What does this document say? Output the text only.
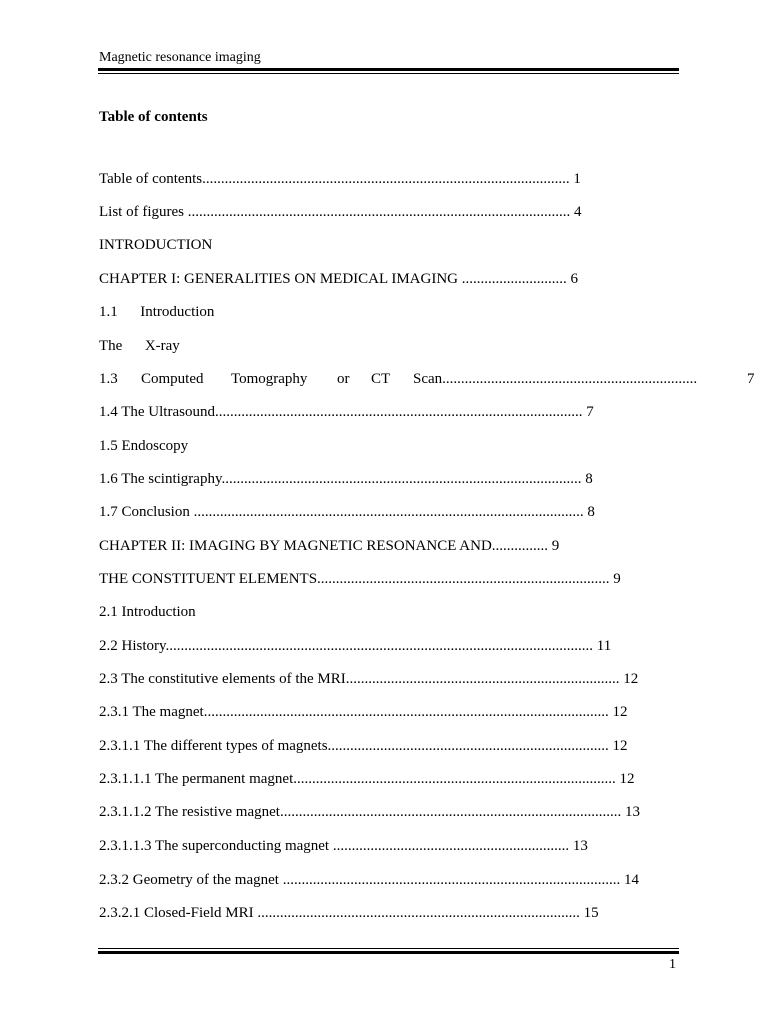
Magnetic resonance imaging
Table of contents
Table of contents.................................................................................................. 1
List of figures ...................................................................................................... 4
INTRODUCTION
CHAPTER I: GENERALITIES ON MEDICAL IMAGING ............................ 6
1.1      Introduction
The      X-ray
1.3 Computed Tomography or CT Scan....................................................................	7
1.4 The Ultrasound.................................................................................................. 7
1.5 Endoscopy
1.6 The scintigraphy................................................................................................ 8
1.7 Conclusion ........................................................................................................ 8
CHAPTER II: IMAGING BY MAGNETIC RESONANCE AND............... 9
THE CONSTITUENT ELEMENTS.............................................................................. 9
2.1 Introduction
2.2 History.................................................................................................................. 11
2.3 The constitutive elements of the MRI......................................................................... 12
2.3.1 The magnet............................................................................................................ 12
2.3.1.1 The different types of magnets........................................................................... 12
2.3.1.1.1 The permanent magnet...................................................................................... 12
2.3.1.1.2 The resistive magnet........................................................................................... 13
2.3.1.1.3 The superconducting magnet ............................................................... 13
2.3.2 Geometry of the magnet .......................................................................................... 14
2.3.2.1 Closed-Field MRI ...................................................................................... 15
1
